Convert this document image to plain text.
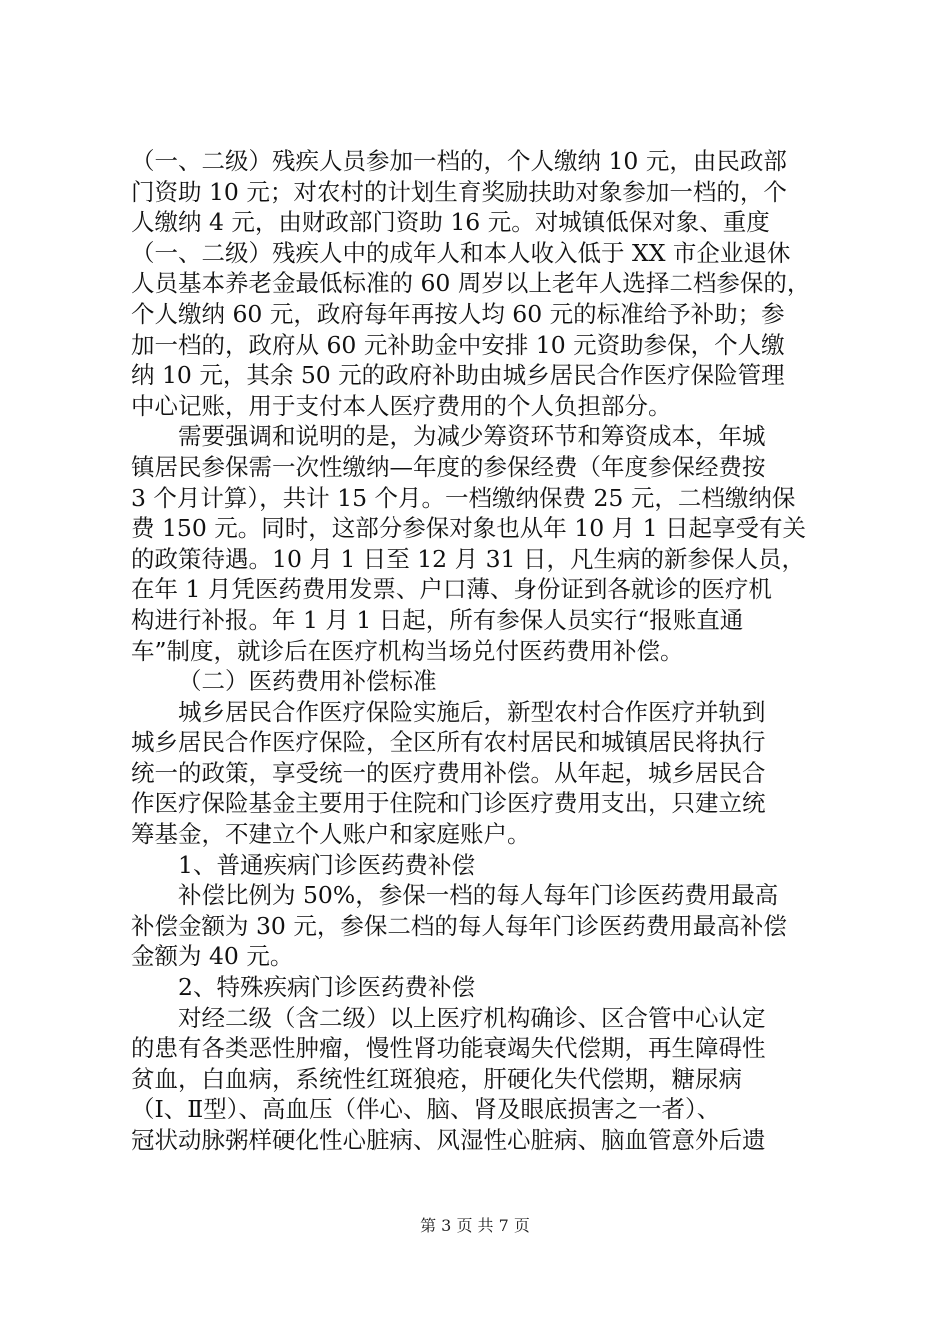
（一、二级）残疾人员参加一档的，个人缴纳 10 元，由民政部
门资助 10 元；对农村的计划生育奖励扶助对象参加一档的，个
人缴纳 4 元，由财政部门资助 16 元。对城镇低保对象、重度
（一、二级）残疾人中的成年人和本人收入低于 XX 市企业退休
人员基本养老金最低标准的 60 周岁以上老年人选择二档参保的，
个人缴纳 60 元，政府每年再按人均 60 元的标准给予补助；参
加一档的，政府从 60 元补助金中安排 10 元资助参保，个人缴
纳 10 元，其余 50 元的政府补助由城乡居民合作医疗保险管理
中心记账，用于支付本人医疗费用的个人负担部分。

需要强调和说明的是，为减少筹资环节和筹资成本，年城
镇居民参保需一次性缴纳—年度的参保经费（年度参保经费按
3 个月计算），共计 15 个月。一档缴纳保费 25 元，二档缴纳保
费 150 元。同时，这部分参保对象也从年 10 月 1 日起享受有关
的政策待遇。10 月 1 日至 12 月 31 日，凡生病的新参保人员，
在年 1 月凭医药费用发票、户口薄、身份证到各就诊的医疗机
构进行补报。年 1 月 1 日起，所有参保人员实行“报账直通
车”制度，就诊后在医疗机构当场兑付医药费用补偿。

（二）医药费用补偿标准

城乡居民合作医疗保险实施后，新型农村合作医疗并轨到
城乡居民合作医疗保险，全区所有农村居民和城镇居民将执行
统一的政策，享受统一的医疗费用补偿。从年起，城乡居民合
作医疗保险基金主要用于住院和门诊医疗费用支出，只建立统
筹基金，不建立个人账户和家庭账户。

1、普通疾病门诊医药费补偿

补偿比例为 50%，参保一档的每人每年门诊医药费用最高
补偿金额为 30 元，参保二档的每人每年门诊医药费用最高补偿
金额为 40 元。

2、特殊疾病门诊医药费补偿

对经二级（含二级）以上医疗机构确诊、区合管中心认定
的患有各类恶性肿瘤，慢性肾功能衰竭失代偿期，再生障碍性
贫血，白血病，系统性红斑狼疮，肝硬化失代偿期，糖尿病
（Ⅰ、Ⅱ型）、高血压（伴心、脑、肾及眼底损害之一者）、
冠状动脉粥样硬化性心脏病、风湿性心脏病、脑血管意外后遗

第 3 页 共 7 页
